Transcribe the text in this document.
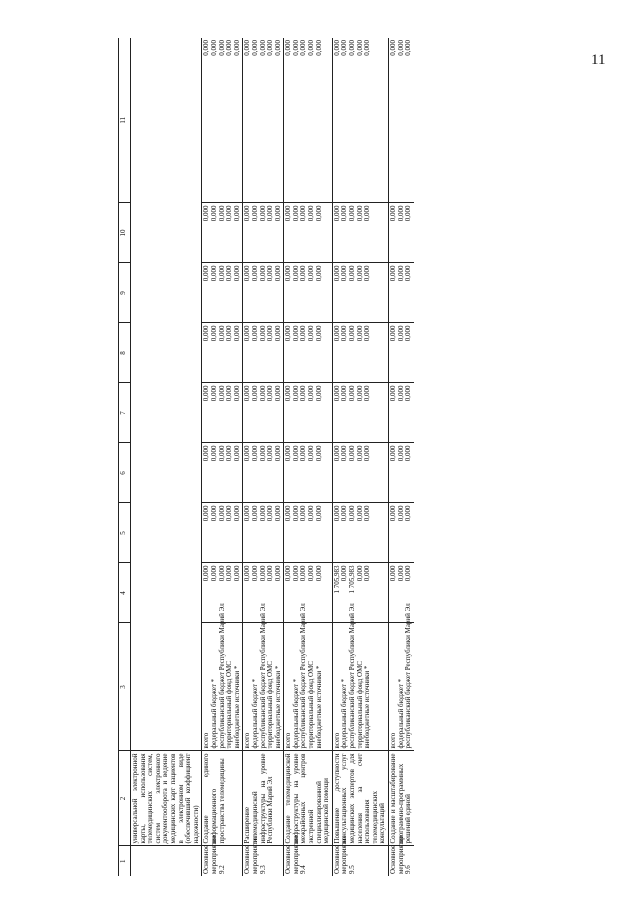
11
1	2	3	4	5	6	7	8	9	10	11
	универсальной электронной карты, использования телемедицинских систем, систем электронного документооборота и ведение медицинских карт пациентов в электронном виде (обеспечивший коэффициент надежности)									
Основное мероприятие 9.2	Создание единого информационного пространства телемедицины	всего федеральный бюджет * республиканский бюджет Республики Марий Эл территориальный фонд ОМС внебюджетные источники *	0,000 0,000 0,000 0,000 0,000	0,000 0,000 0,000 0,000 0,000	0,000 0,000 0,000 0,000 0,000	0,000 0,000 0,000 0,000 0,000	0,000 0,000 0,000 0,000 0,000	0,000 0,000 0,000 0,000 0,000	0,000 0,000 0,000 0,000 0,000	0,000 0,000 0,000 0,000 0,000

Основное мероприятие 9.3	Расширение телемедицинской инфраструктуры на уровне Республики Марий Эл	всего федеральный бюджет * республиканский бюджет Республики Марий Эл территориальный фонд ОМС внебюджетные источники *	0,000 0,000 0,000 0,000 0,000	0,000 0,000 0,000 0,000 0,000	0,000 0,000 0,000 0,000 0,000	0,000 0,000 0,000 0,000 0,000	0,000 0,000 0,000 0,000 0,000	0,000 0,000 0,000 0,000 0,000	0,000 0,000 0,000 0,000 0,000	0,000 0,000 0,000 0,000 0,000

Основное мероприятие 9.4	Создание телемедицинской инфраструктуры на уровне межрайонных центров экстренной специализированной медицинской помощи	всего федеральный бюджет * республиканский бюджет Республики Марий Эл территориальный фонд ОМС внебюджетные источники *	0,000 0,000 0,000 0,000 0,000	0,000 0,000 0,000 0,000 0,000	0,000 0,000 0,000 0,000 0,000	0,000 0,000 0,000 0,000 0,000	0,000 0,000 0,000 0,000 0,000	0,000 0,000 0,000 0,000 0,000	0,000 0,000 0,000 0,000 0,000	0,000 0,000 0,000 0,000 0,000

Основное мероприятие 9.5	Повышение доступности консультационных услуг медицинских экспертов для населения за счет использования телемедицинских консультаций	всего федеральный бюджет * республиканский бюджет Республики Марий Эл территориальный фонд ОМС внебюджетные источники *	1 705,983 0,000 1 705,983 0,000 0,000	0,000 0,000 0,000 0,000 0,000	0,000 0,000 0,000 0,000 0,000	0,000 0,000 0,000 0,000 0,000	0,000 0,000 0,000 0,000 0,000	0,000 0,000 0,000 0,000 0,000	0,000 0,000 0,000 0,000 0,000	0,000 0,000 0,000 0,000 0,000

Основное мероприятие 9.6	Создание и масштабирование программно-программных решений единой	всего федеральный бюджет * республиканский бюджет Республики Марий Эл	0,000 0,000 0,000	0,000 0,000 0,000	0,000 0,000 0,000	0,000 0,000 0,000	0,000 0,000 0,000	0,000 0,000 0,000	0,000 0,000 0,000	0,000 0,000 0,000
